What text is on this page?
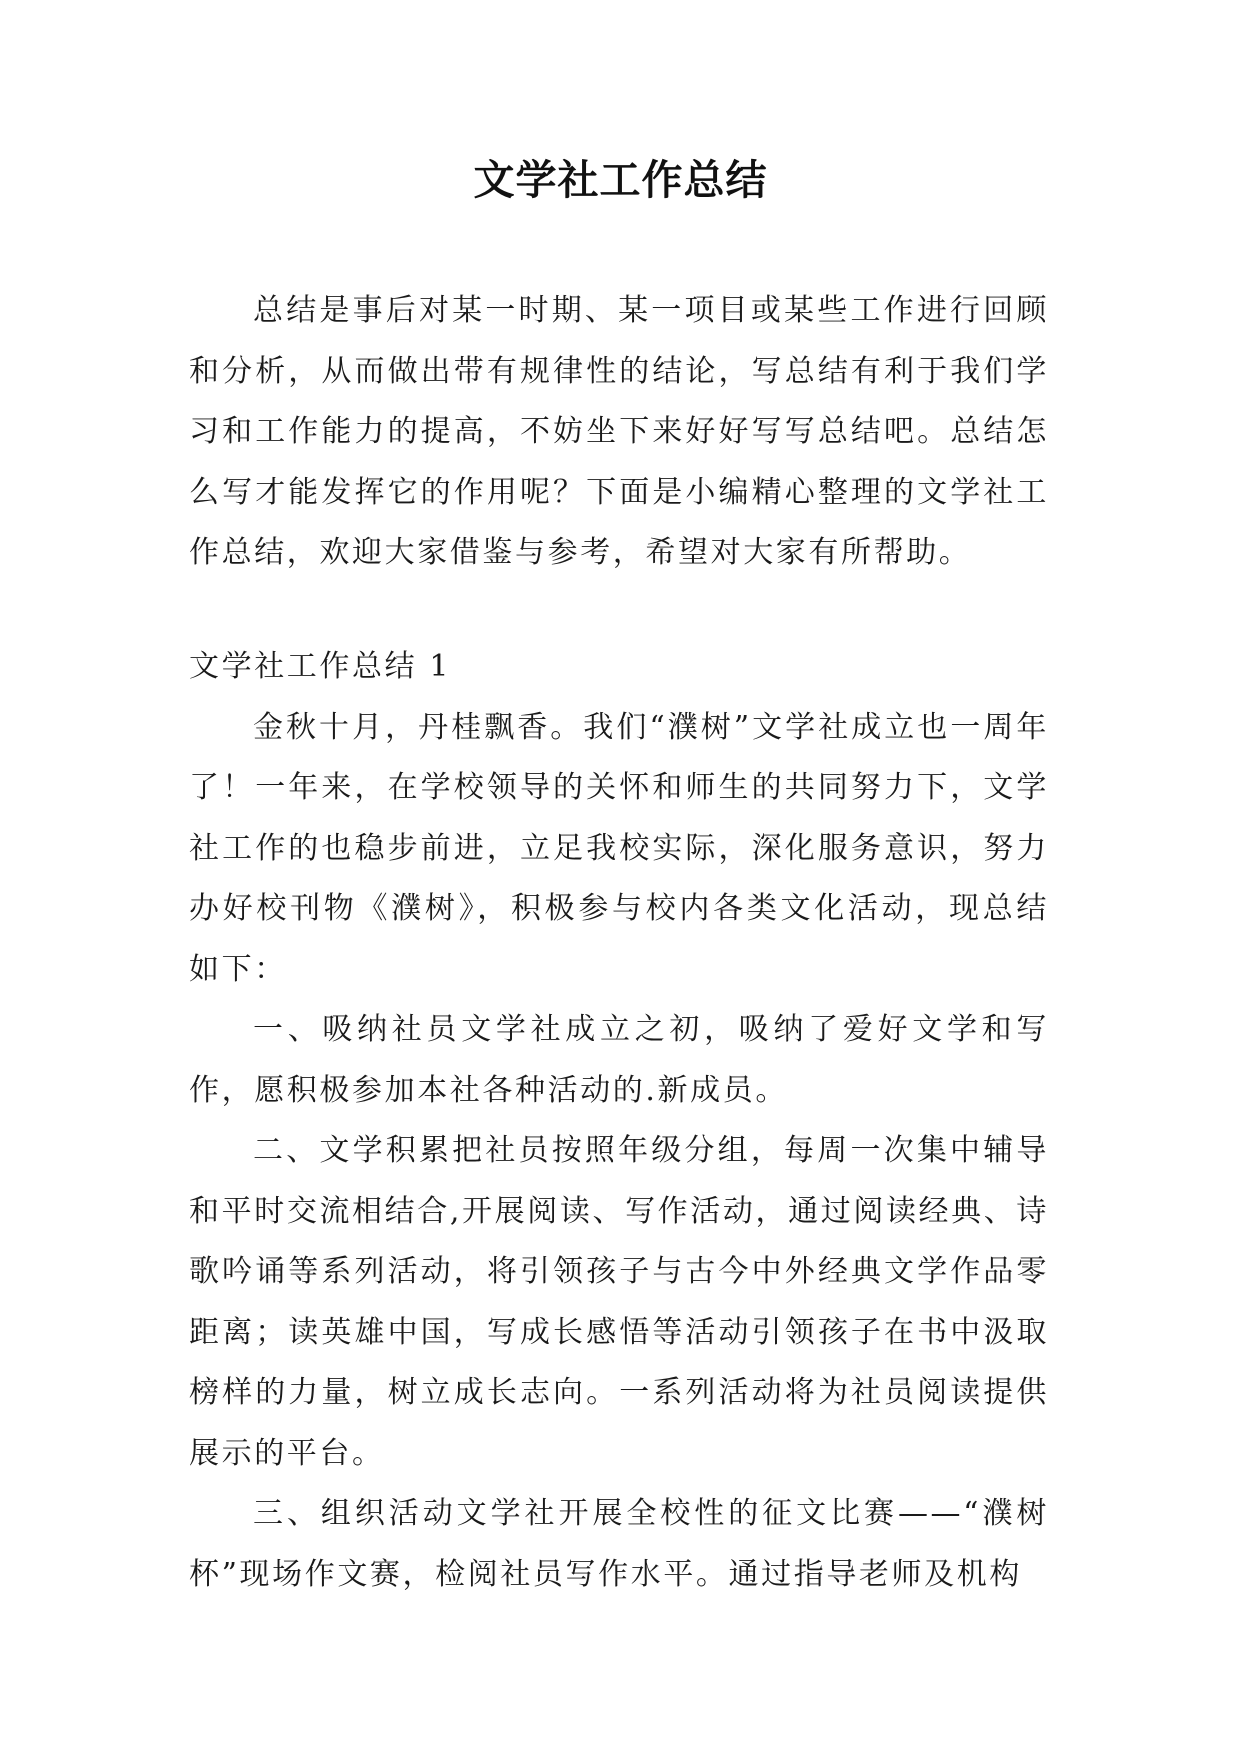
文学社工作总结

总结是事后对某一时期、某一项目或某些工作进行回顾和分析，从而做出带有规律性的结论，写总结有利于我们学习和工作能力的提高，不妨坐下来好好写写总结吧。总结怎么写才能发挥它的作用呢？下面是小编精心整理的文学社工作总结，欢迎大家借鉴与参考，希望对大家有所帮助。

文学社工作总结 1

金秋十月，丹桂飘香。我们“濮树”文学社成立也一周年了！一年来，在学校领导的关怀和师生的共同努力下，文学社工作的也稳步前进，立足我校实际，深化服务意识，努力办好校刊物《濮树》，积极参与校内各类文化活动，现总结如下：

一、吸纳社员文学社成立之初，吸纳了爱好文学和写作，愿积极参加本社各种活动的.新成员。

二、文学积累把社员按照年级分组，每周一次集中辅导和平时交流相结合,开展阅读、写作活动，通过阅读经典、诗歌吟诵等系列活动，将引领孩子与古今中外经典文学作品零距离；读英雄中国，写成长感悟等活动引领孩子在书中汲取榜样的力量，树立成长志向。一系列活动将为社员阅读提供展示的平台。

三、组织活动文学社开展全校性的征文比赛——“濮树杯”现场作文赛，检阅社员写作水平。通过指导老师及机构
